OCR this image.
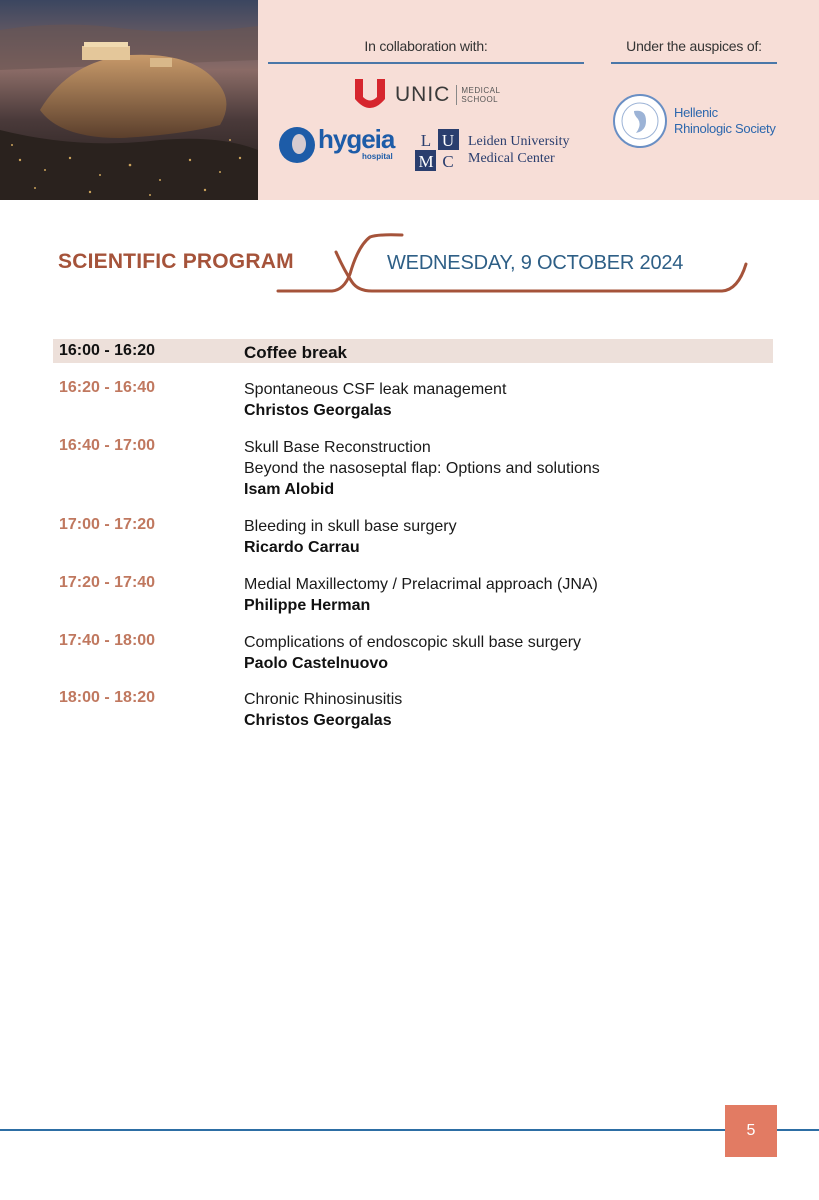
In collaboration with:	Under the auspices of:
UNIC MEDICAL
SCHOOL
hygeia
hospital
L U
M C
Leiden University
Medical Center
Hellenic
Rhinologic Society
SCIENTIFIC PROGRAM	WEDNESDAY, 9 OCTOBER 2024
16:00 - 16:20	Coffee break
16:20 - 16:40	Spontaneous CSF leak management
Christos Georgalas
16:40 - 17:00	Skull Base Reconstruction
Beyond the nasoseptal flap: Options and solutions
Isam Alobid
17:00 - 17:20	Bleeding in skull base surgery
Ricardo Carrau
17:20 - 17:40	Medial Maxillectomy / Prelacrimal approach (JNA)
Philippe Herman
17:40 - 18:00	Complications of endoscopic skull base surgery
Paolo Castelnuovo
18:00 - 18:20	Chronic Rhinosinusitis
Christos Georgalas
5
